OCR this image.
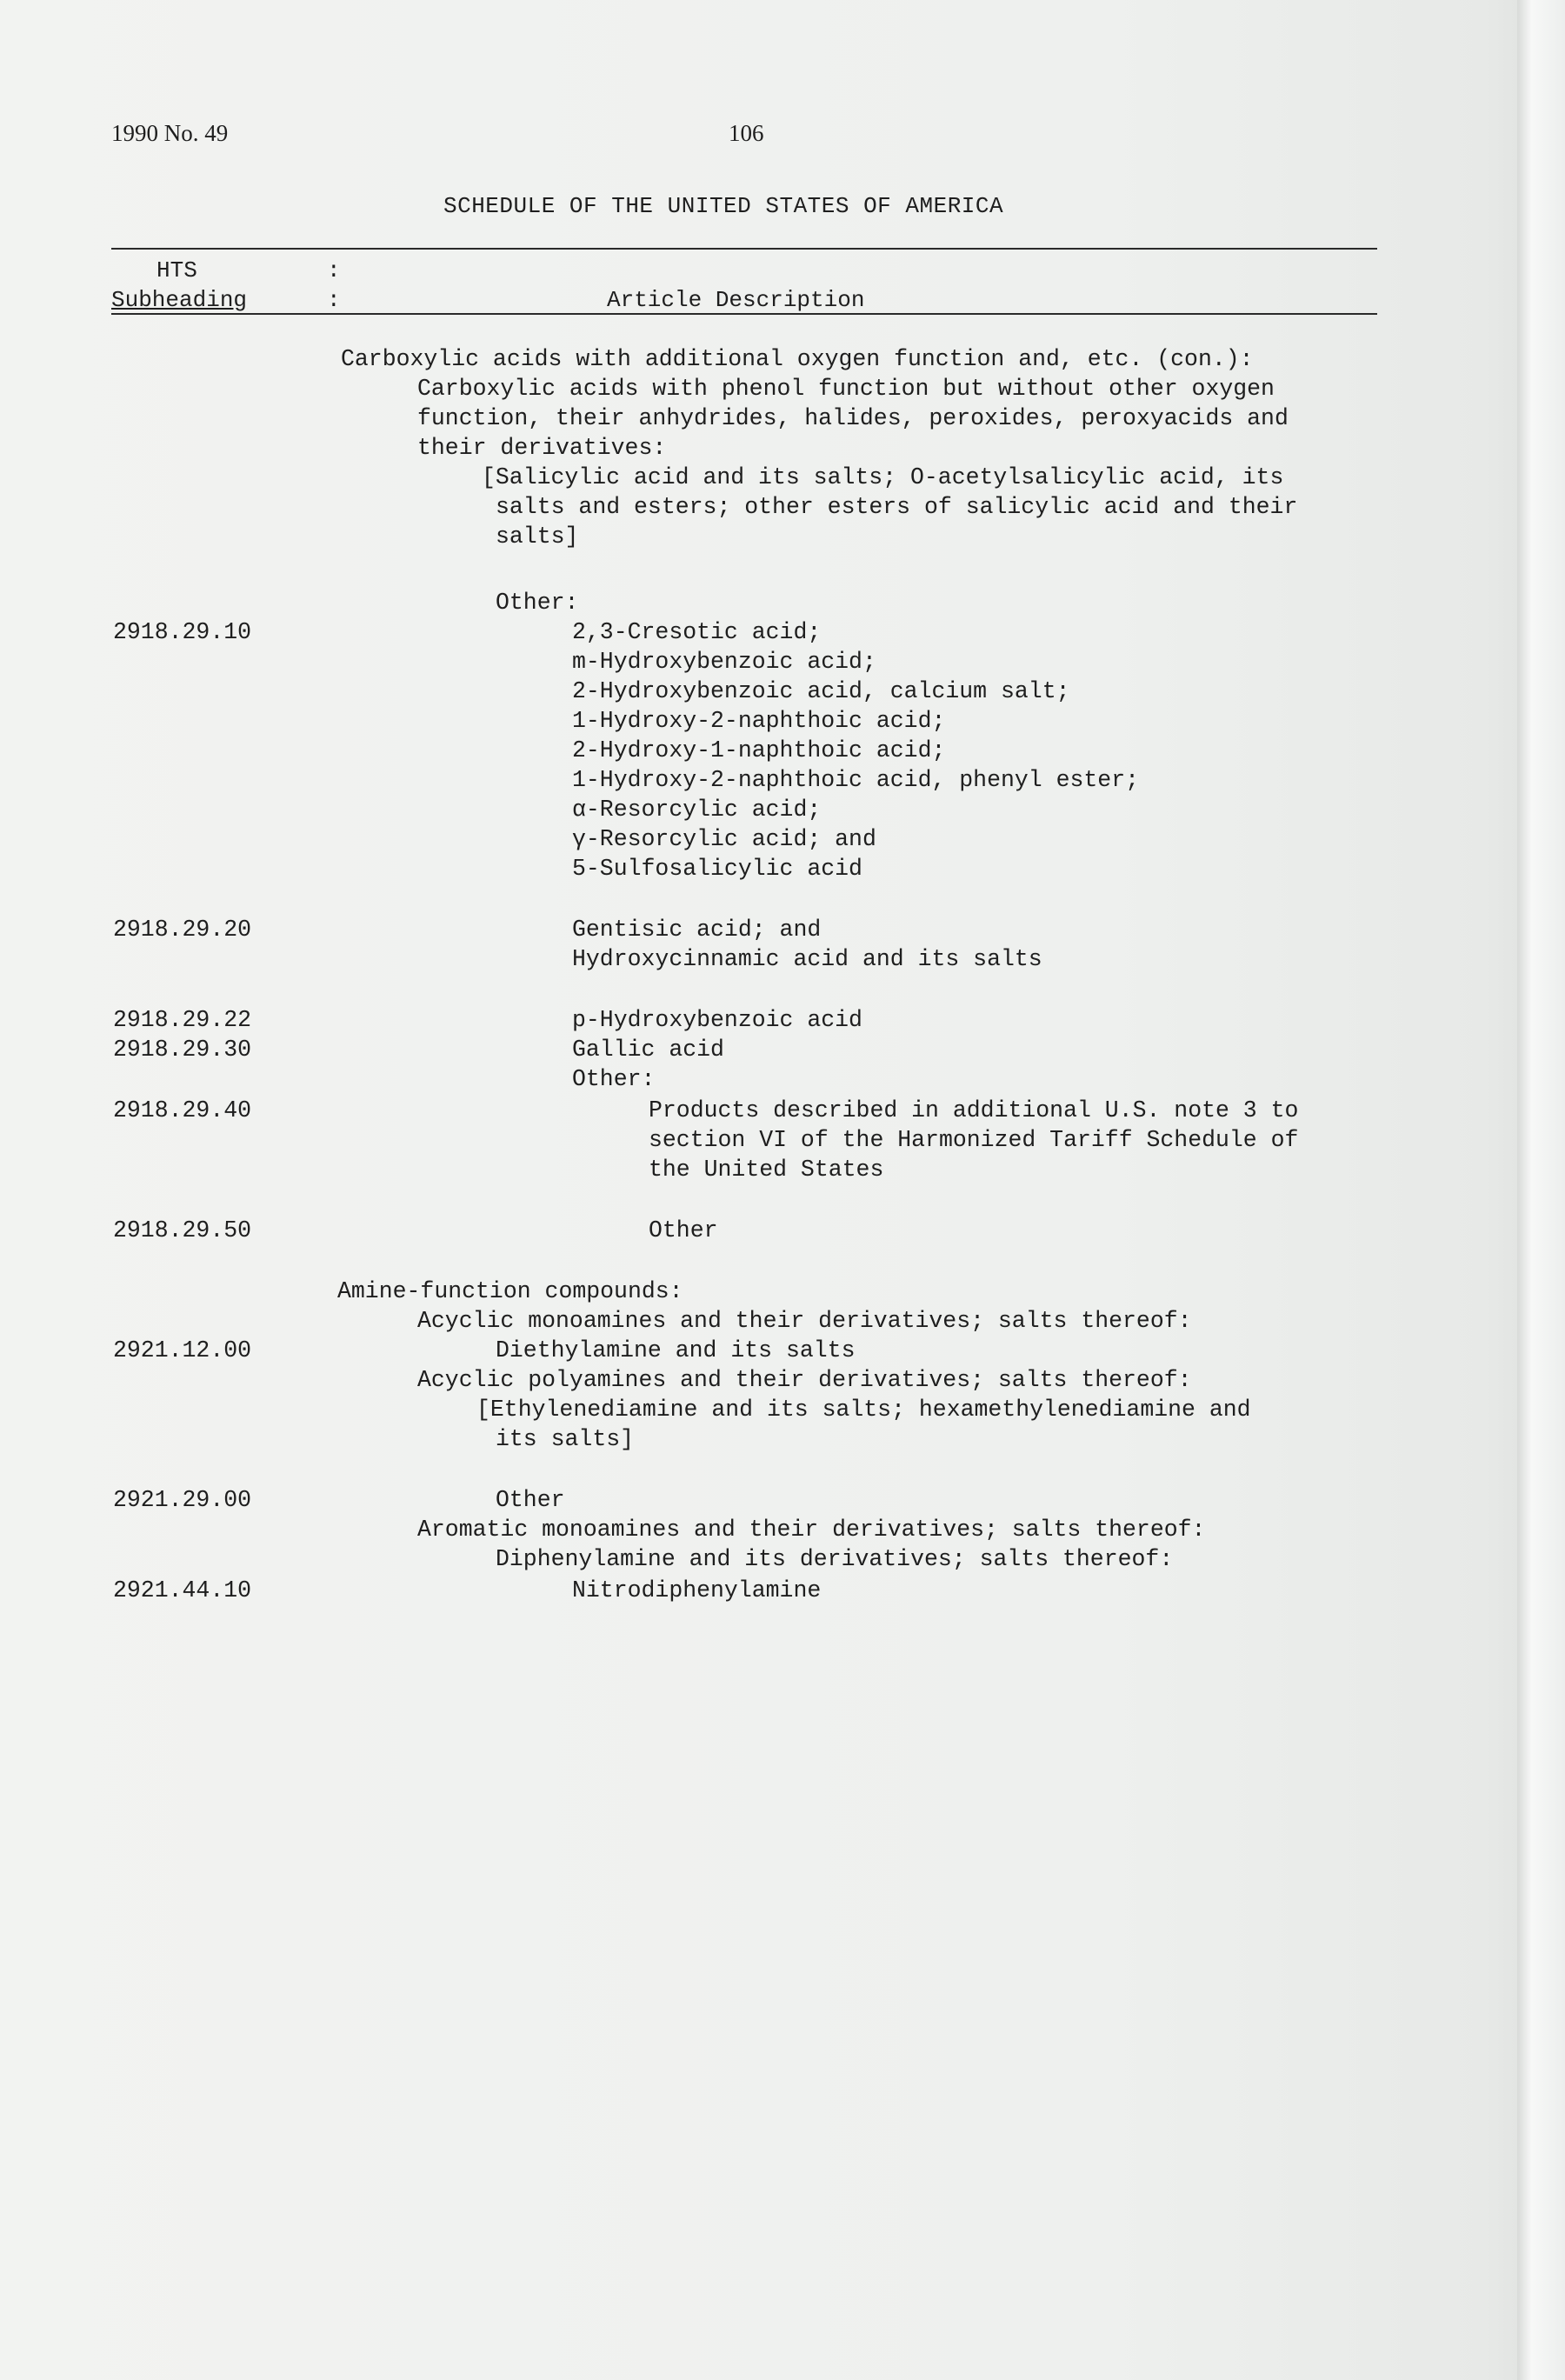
1990 No. 49	106
SCHEDULE OF THE UNITED STATES OF AMERICA
HTS	:
Subheading	:	Article Description
Carboxylic acids with additional oxygen function and, etc. (con.):
Carboxylic acids with phenol function but without other oxygen
function, their anhydrides, halides, peroxides, peroxyacids and
their derivatives:
[Salicylic acid and its salts; O-acetylsalicylic acid, its
salts and esters; other esters of salicylic acid and their
salts]
Other:
2918.29.10	2,3-Cresotic acid;
m-Hydroxybenzoic acid;
2-Hydroxybenzoic acid, calcium salt;
1-Hydroxy-2-naphthoic acid;
2-Hydroxy-1-naphthoic acid;
1-Hydroxy-2-naphthoic acid, phenyl ester;
α-Resorcylic acid;
γ-Resorcylic acid; and
5-Sulfosalicylic acid
2918.29.20	Gentisic acid; and
Hydroxycinnamic acid and its salts
2918.29.22	p-Hydroxybenzoic acid
2918.29.30	Gallic acid
Other:
2918.29.40	Products described in additional U.S. note 3 to
section VI of the Harmonized Tariff Schedule of
the United States
2918.29.50	Other
Amine-function compounds:
Acyclic monoamines and their derivatives; salts thereof:
2921.12.00	Diethylamine and its salts
Acyclic polyamines and their derivatives; salts thereof:
[Ethylenediamine and its salts; hexamethylenediamine and
its salts]
2921.29.00	Other
Aromatic monoamines and their derivatives; salts thereof:
Diphenylamine and its derivatives; salts thereof:
2921.44.10	Nitrodiphenylamine
